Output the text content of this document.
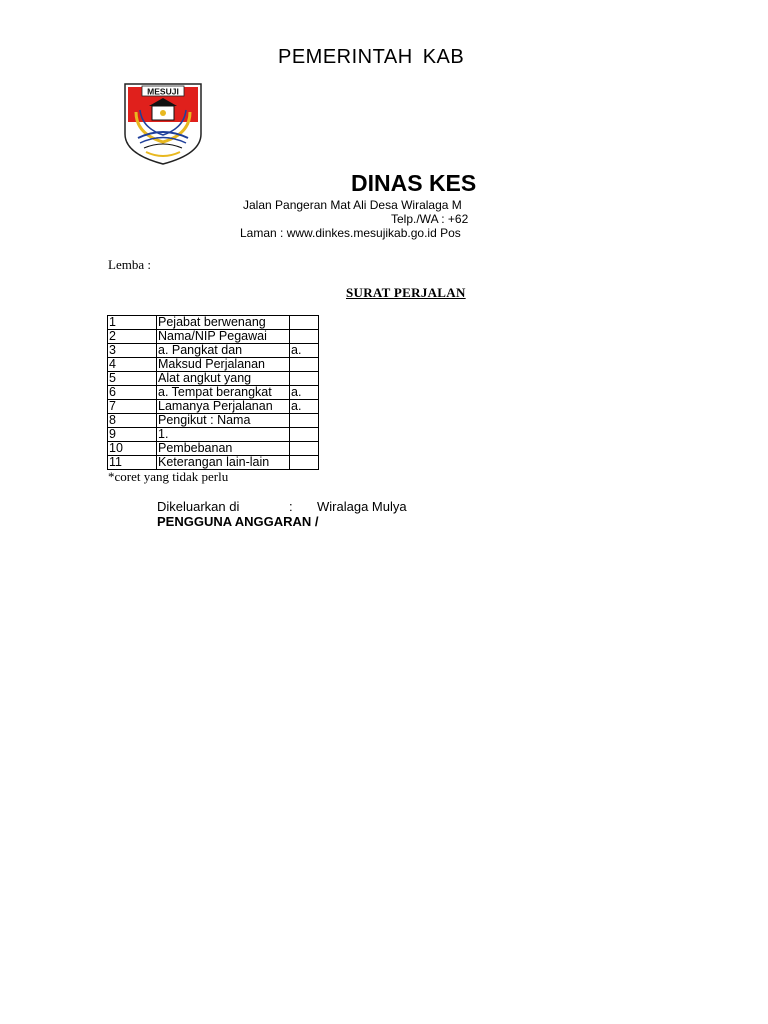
PEMERINTAH KAB
MESUJI
DINAS KES
Jalan Pangeran Mat Ali Desa Wiralaga M
Telp./WA : +62
Laman : www.dinkes.mesujikab.go.id Pos
Lemba :
SURAT PERJALAN
1	Pejabat berwenang	
2	Nama/NIP Pegawai	
3	a. Pangkat dan	a.
4	Maksud Perjalanan	
5	Alat angkut yang	
6	a. Tempat berangkat	a.
7	Lamanya Perjalanan	a.
8	Pengikut : Nama	
9	1.	
10	Pembebanan	
11	Keterangan lain-lain	
*coret yang tidak perlu
Dikeluarkan di	: Wiralaga Mulya
PENGGUNA ANGGARAN /
